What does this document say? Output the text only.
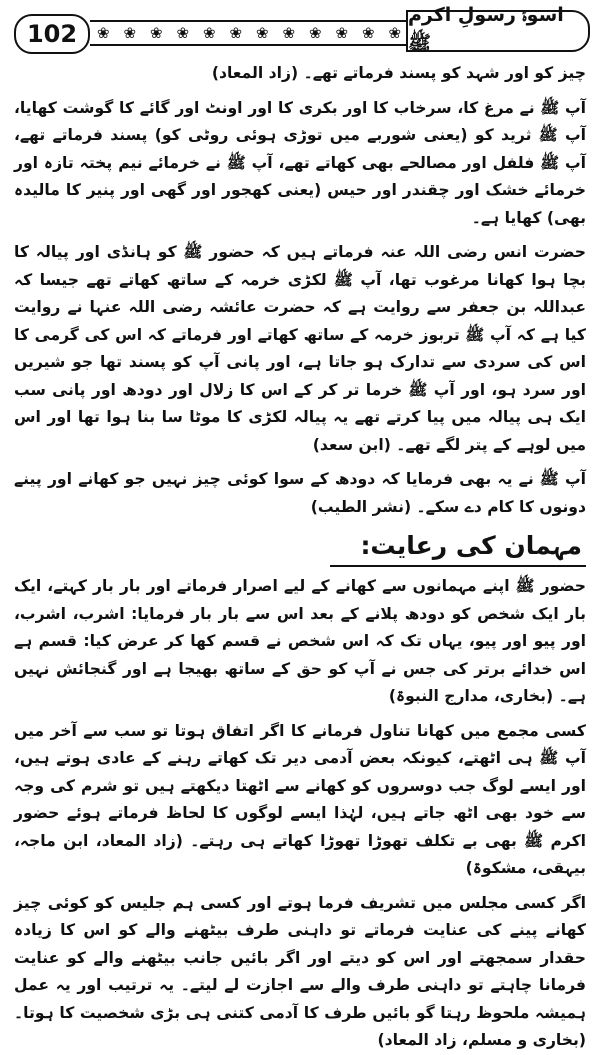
102	❀ ❀ ❀ ❀ ❀ ❀ ❀ ❀ ❀ ❀ ❀ ❀
اسوۂ رسولِ اکرم ﷺ

چیز کو اور شہد کو پسند فرماتے تھے۔ (زاد المعاد)

آپ ﷺ نے مرغ کا، سرخاب کا اور بکری کا اور اونٹ اور گائے کا گوشت کھایا، آپ ﷺ ثرید کو (یعنی شوربے میں توڑی ہوئی روٹی کو) پسند فرماتے تھے، آپ ﷺ فلفل اور مصالحے بھی کھاتے تھے، آپ ﷺ نے خرمائے نیم پختہ تازہ اور خرمائے خشک اور چقندر اور حیس (یعنی کھجور اور گھی اور پنیر کا مالیدہ بھی) کھایا ہے۔

حضرت انس رضی اللہ عنہ فرماتے ہیں کہ حضور ﷺ کو ہانڈی اور پیالہ کا بچا ہوا کھانا مرغوب تھا، آپ ﷺ لکڑی خرمہ کے ساتھ کھاتے تھے جیسا کہ عبداللہ بن جعفر سے روایت ہے کہ حضرت عائشہ رضی اللہ عنہا نے روایت کیا ہے کہ آپ ﷺ تربوز خرمہ کے ساتھ کھاتے اور فرماتے کہ اس کی گرمی کا اس کی سردی سے تدارک ہو جاتا ہے، اور پانی آپ کو پسند تھا جو شیریں اور سرد ہو، اور آپ ﷺ خرما تر کر کے اس کا زلال اور دودھ اور پانی سب ایک ہی پیالہ میں پیا کرتے تھے یہ پیالہ لکڑی کا موٹا سا بنا ہوا تھا اور اس میں لوہے کے پتر لگے تھے۔ (ابن سعد)

آپ ﷺ نے یہ بھی فرمایا کہ دودھ کے سوا کوئی چیز نہیں جو کھانے اور پینے دونوں کا کام دے سکے۔ (نشر الطیب)

مہمان کی رعایت:

حضور ﷺ اپنے مہمانوں سے کھانے کے لیے اصرار فرماتے اور بار بار کہتے، ایک بار ایک شخص کو دودھ پلانے کے بعد اس سے بار بار فرمایا: اشرب، اشرب، اور پیو اور پیو، یہاں تک کہ اس شخص نے قسم کھا کر عرض کیا: قسم ہے اس خدائے برتر کی جس نے آپ کو حق کے ساتھ بھیجا ہے اور گنجائش نہیں ہے۔ (بخاری، مدارج النبوۃ)

کسی مجمع میں کھانا تناول فرمانے کا اگر اتفاق ہوتا تو سب سے آخر میں آپ ﷺ ہی اٹھتے، کیونکہ بعض آدمی دیر تک کھاتے رہنے کے عادی ہوتے ہیں، اور ایسے لوگ جب دوسروں کو کھانے سے اٹھتا دیکھتے ہیں تو شرم کی وجہ سے خود بھی اٹھ جاتے ہیں، لہٰذا ایسے لوگوں کا لحاظ فرماتے ہوئے حضور اکرم ﷺ بھی بے تکلف تھوڑا تھوڑا کھاتے ہی رہتے۔ (زاد المعاد، ابن ماجہ، بیہقی، مشکوۃ)

اگر کسی مجلس میں تشریف فرما ہوتے اور کسی ہم جلیس کو کوئی چیز کھانے پینے کی عنایت فرماتے تو داہنی طرف بیٹھنے والے کو اس کا زیادہ حقدار سمجھتے اور اس کو دیتے اور اگر بائیں جانب بیٹھنے والے کو عنایت فرمانا چاہتے تو داہنی طرف والے سے اجازت لے لیتے۔ یہ ترتیب اور یہ عمل ہمیشہ ملحوظ رہتا گو بائیں طرف کا آدمی کتنی ہی بڑی شخصیت کا ہوتا۔ (بخاری و مسلم، زاد المعاد)
